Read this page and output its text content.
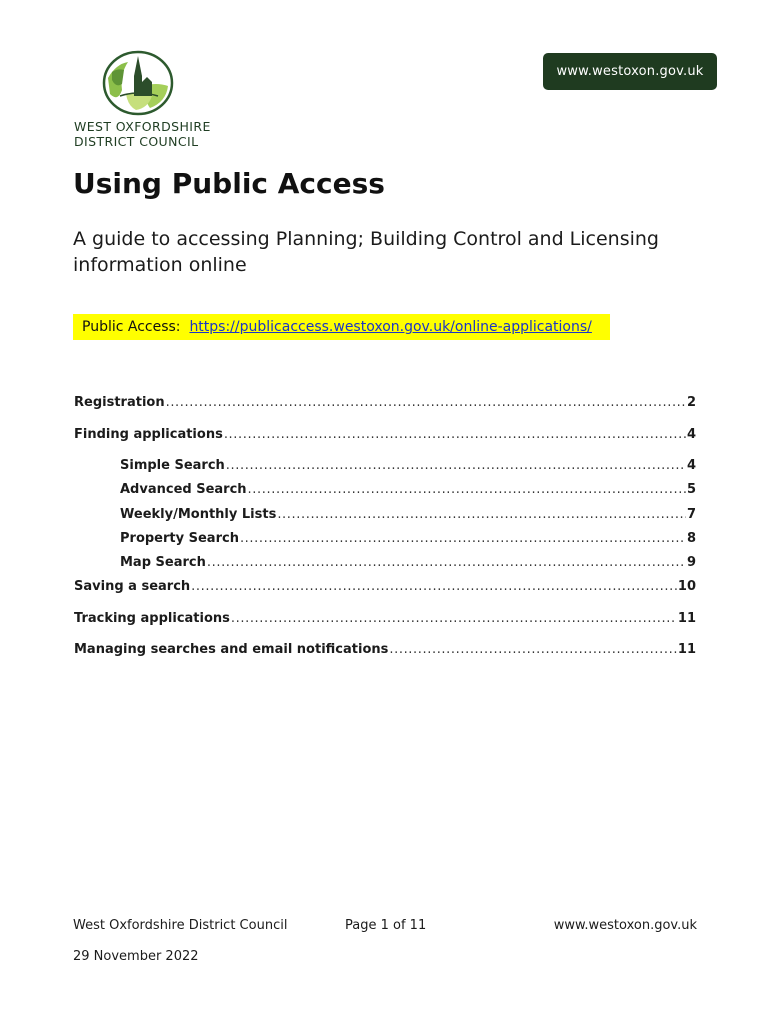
WEST OXFORDSHIRE
DISTRICT COUNCIL
www.westoxon.gov.uk
Using Public Access

A guide to accessing Planning; Building Control and Licensing information online

Public Access: https://publicaccess.westoxon.gov.uk/online-applications/
Registration .....	2
Finding applications .....	4
Simple Search .....	4
Advanced Search .....	5
Weekly/Monthly Lists .....	7
Property Search .....	8
Map Search .....	9
Saving a search .....	10
Tracking applications .....	11
Managing searches and email notifications .....	11
West Oxfordshire District Council	Page 1 of 11	www.westoxon.gov.uk
29 November 2022
